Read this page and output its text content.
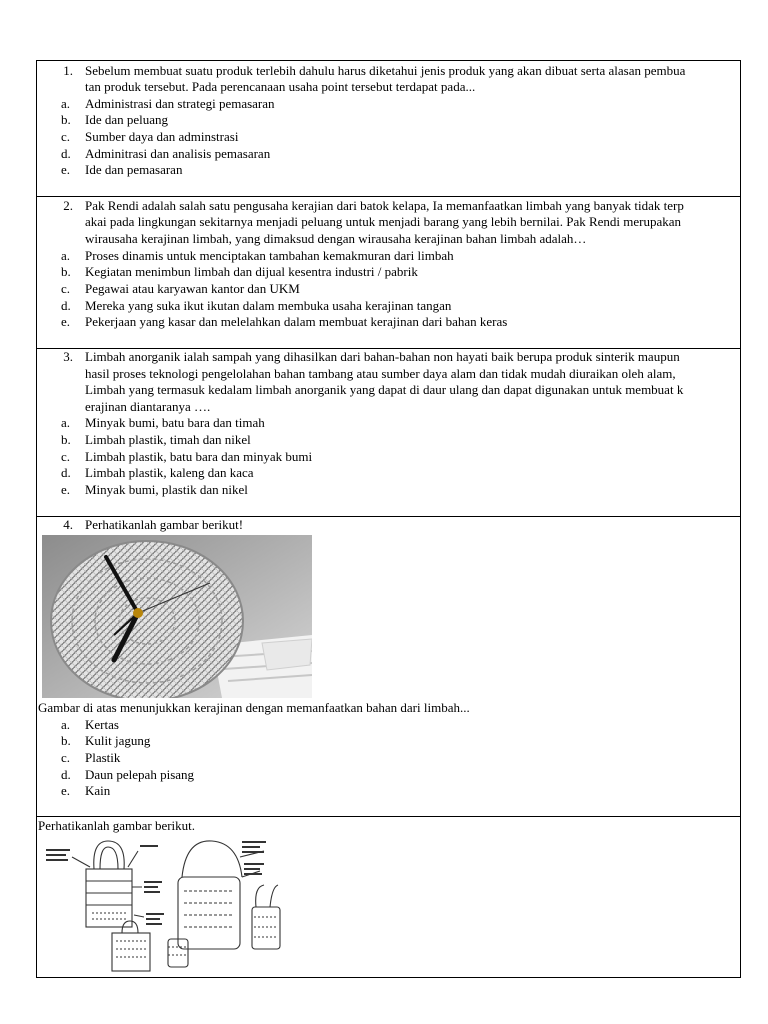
1. Sebelum membuat suatu produk terlebih dahulu harus diketahui jenis produk yang akan dibuat serta alasan pembua
tan produk tersebut. Pada perencanaan usaha point tersebut terdapat pada...
a. Administrasi dan strategi pemasaran
b. Ide dan peluang
c. Sumber daya dan adminstrasi
d. Adminitrasi dan analisis pemasaran
e. Ide dan pemasaran
2. Pak Rendi adalah salah satu pengusaha kerajian dari batok kelapa, Ia memanfaatkan limbah yang banyak tidak terp
akai pada lingkungan sekitarnya menjadi peluang untuk menjadi barang yang lebih bernilai. Pak Rendi merupakan
wirausaha kerajinan limbah, yang dimaksud dengan wirausaha kerajinan bahan limbah adalah…
a. Proses dinamis untuk menciptakan tambahan kemakmuran dari limbah
b. Kegiatan menimbun limbah dan dijual kesentra industri / pabrik
c. Pegawai atau karyawan kantor dan UKM
d. Mereka yang suka ikut ikutan dalam membuka usaha kerajinan tangan
e. Pekerjaan yang kasar dan melelahkan dalam membuat kerajinan dari bahan keras
3. Limbah anorganik ialah sampah yang dihasilkan dari bahan-bahan non hayati baik berupa produk sinterik maupun
hasil proses teknologi pengelolahan bahan tambang atau sumber daya alam dan tidak mudah diuraikan oleh alam,
Limbah yang termasuk kedalam limbah anorganik yang dapat di daur ulang dan dapat digunakan untuk membuat k
erajinan diantaranya ….
a. Minyak bumi, batu bara dan timah
b. Limbah plastik, timah dan nikel
c. Limbah plastik, batu bara dan minyak bumi
d. Limbah plastik, kaleng dan kaca
e. Minyak bumi, plastik dan nikel
4. Perhatikanlah gambar berikut!
Gambar di atas menunjukkan kerajinan dengan memanfaatkan bahan dari limbah...
a. Kertas
b. Kulit jagung
c. Plastik
d. Daun pelepah pisang
e. Kain
Perhatikanlah gambar berikut.
